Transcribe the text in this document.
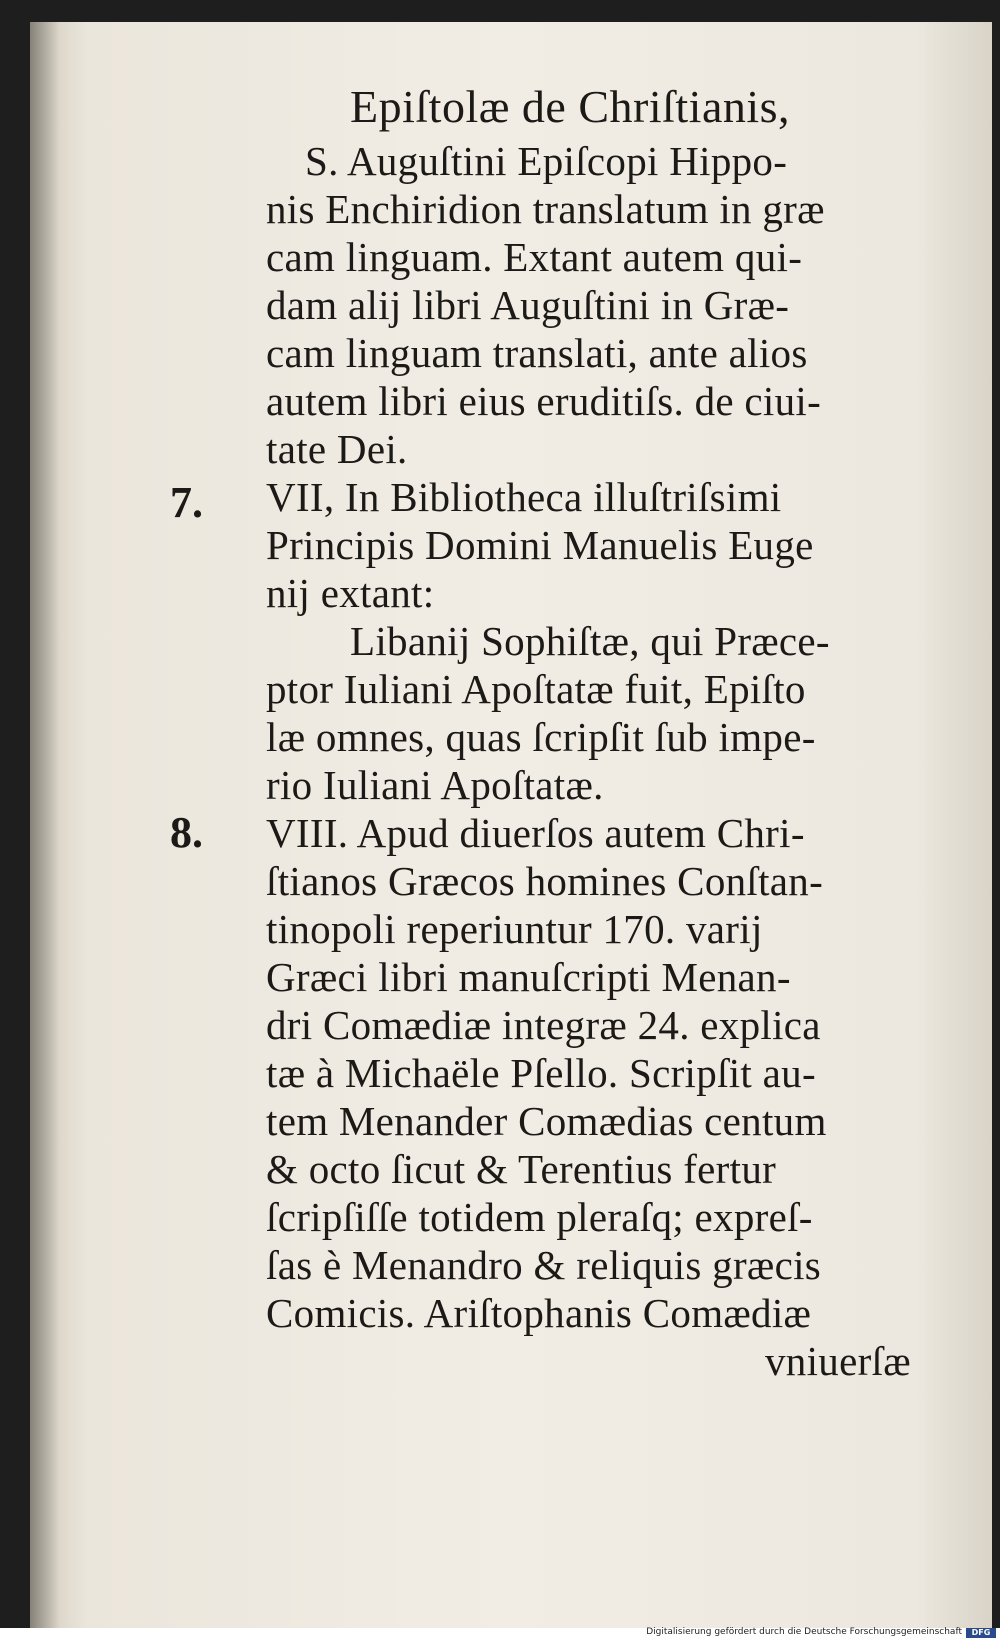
Epiſtolæ de Chriſtianis,
7.
8.
S. Auguſtini Epiſcopi Hippo-
nis Enchiridion translatum in græ
cam linguam. Extant autem qui-
dam alij libri Auguſtini in Græ-
cam linguam translati, ante alios
autem libri eius eruditiſs. de ciui-
tate Dei.
VII, In Bibliotheca illuſtriſsimi
Principis Domini Manuelis Euge
nij extant:
Libanij Sophiſtæ, qui Præce-
ptor Iuliani Apoſtatæ fuit, Epiſto
læ omnes, quas ſcripſit ſub impe-
rio Iuliani Apoſtatæ.
VIII. Apud diuerſos autem Chri-
ſtianos Græcos homines Conſtan-
tinopoli reperiuntur 170. varij
Græci libri manuſcripti Menan-
dri Comædiæ integræ 24. explica
tæ à Michaële Pſello. Scripſit au-
tem Menander Comædias centum
& octo ſicut & Terentius fertur
ſcripſiſſe totidem pleraſq; expreſ-
ſas è Menandro & reliquis græcis
Comicis. Ariſtophanis Comædiæ
vniuerſæ
Digitalisierung gefördert durch die Deutsche Forschungsgemeinschaft	DFG
